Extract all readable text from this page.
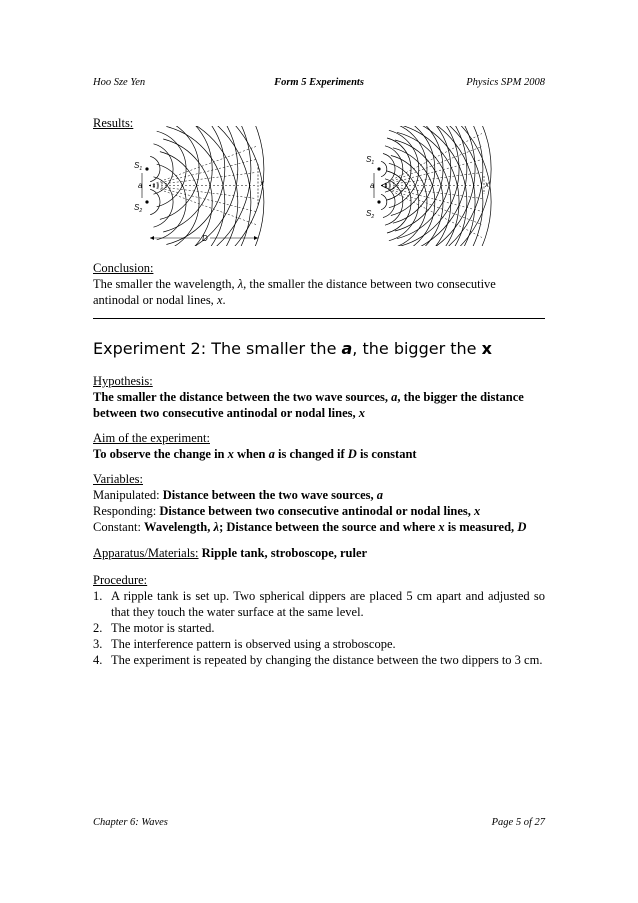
Hoo Sze Yen	Form 5 Experiments	Physics SPM 2008
Results:
$S_1$
$S_2$
a	x
D
$S_1$
$S_2$
a	x
Conclusion:
The smaller the wavelength, λ, the smaller the distance between two consecutive antinodal or nodal lines, x.
Experiment 2: The smaller the a, the bigger the x
Hypothesis:
The smaller the distance between the two wave sources, a, the bigger the distance between two consecutive antinodal or nodal lines, x
Aim of the experiment:
To observe the change in x when a is changed if D is constant
Variables:
Manipulated: Distance between the two wave sources, a
Responding: Distance between two consecutive antinodal or nodal lines, x
Constant: Wavelength, λ; Distance between the source and where x is measured, D
Apparatus/Materials: Ripple tank, stroboscope, ruler
Procedure:
1. A ripple tank is set up. Two spherical dippers are placed 5 cm apart and adjusted so that they touch the water surface at the same level.
2. The motor is started.
3. The interference pattern is observed using a stroboscope.
4. The experiment is repeated by changing the distance between the two dippers to 3 cm.
Chapter 6: Waves	Page 5 of 27
